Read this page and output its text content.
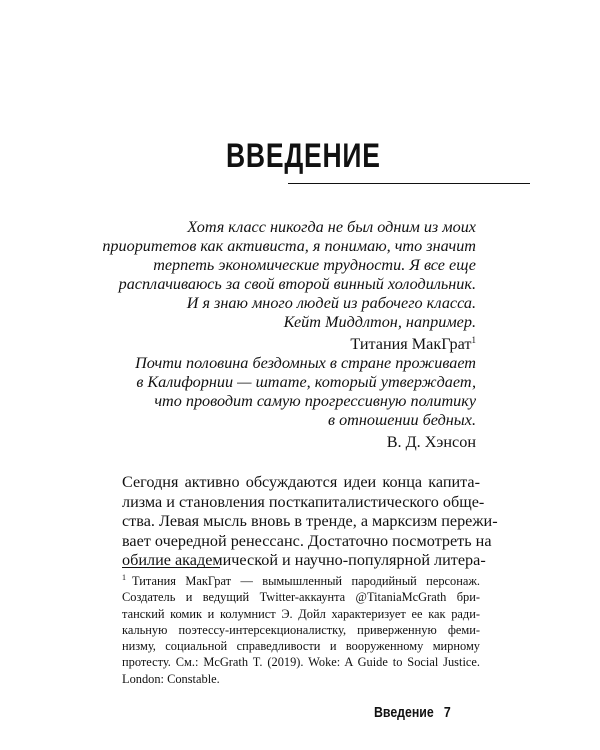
ВВЕДЕНИЕ
Хотя класс никогда не был одним из моих
приоритетов как активиста, я понимаю, что значит
терпеть экономические трудности. Я все еще
расплачиваюсь за свой второй винный холодильник.
И я знаю много людей из рабочего класса.
Кейт Миддлтон, например.
Титания МакГрат$^1$
Почти половина бездомных в стране проживает
в Калифорнии — штате, который утверждает,
что проводит самую прогрессивную политику
в отношении бедных.
В. Д. Хэнсон
Сегодня активно обсуждаются идеи конца капита-
лизма и становления посткапиталистического обще-
ства. Левая мысль вновь в тренде, а марксизм пережи-
вает очередной ренессанс. Достаточно посмотреть на
обилие академической и научно-популярной литера-
$^1$ Титания МакГрат — вымышленный пародийный персонаж.
Создатель и ведущий Twitter-аккаунта @TitaniaMcGrath бри-
танский комик и колумнист Э. Дойл характеризует ее как ради-
кальную поэтессу-интерсекционалистку, приверженную феми-
низму, социальной справедливости и вооруженному мирному
протесту. См.: McGrath T. (2019). Woke: A Guide to Social Justice.
London: Constable.
Введение 7
